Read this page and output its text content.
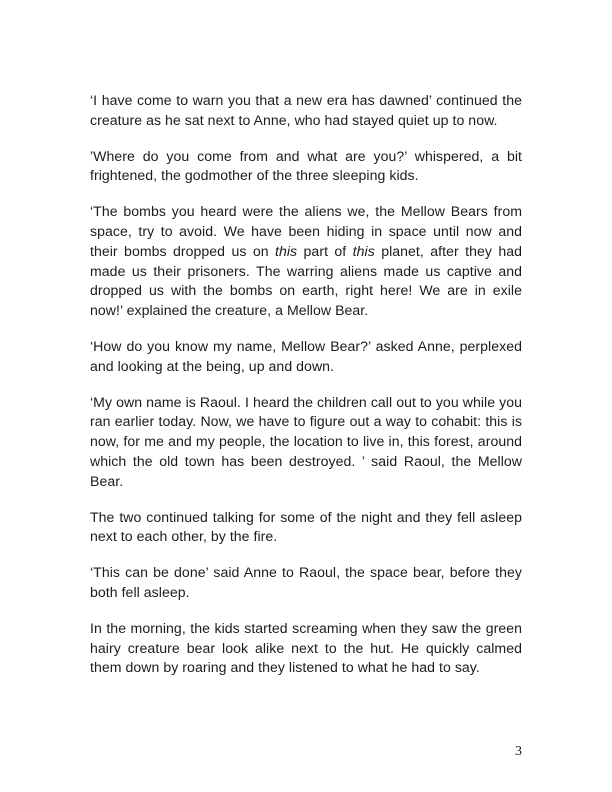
‘I have come to warn you that a new era has dawned’ continued the creature as he sat next to Anne, who had stayed quiet up to now.

’Where do you come from and what are you?’ whispered, a bit frightened, the godmother of the three sleeping kids.

‘The bombs you heard were the aliens we, the Mellow Bears from space, try to avoid. We have been hiding in space until now and their bombs dropped us on this part of this planet, after they had made us their prisoners. The warring aliens made us captive and dropped us with the bombs on earth, right here! We are in exile now!’ explained the creature, a Mellow Bear.

‘How do you know my name, Mellow Bear?’ asked Anne, perplexed and looking at the being, up and down.

‘My own name is Raoul. I heard the children call out to you while you ran earlier today. Now, we have to figure out a way to cohabit: this is now, for me and my people, the location to live in, this forest, around which the old town has been destroyed. ’ said Raoul, the Mellow Bear.

The two continued talking for some of the night and they fell asleep next to each other, by the fire.

‘This can be done’ said Anne to Raoul, the space bear, before they both fell asleep.

In the morning, the kids started screaming when they saw the green hairy creature bear look alike next to the hut. He quickly calmed them down by roaring and they listened to what he had to say.

3
